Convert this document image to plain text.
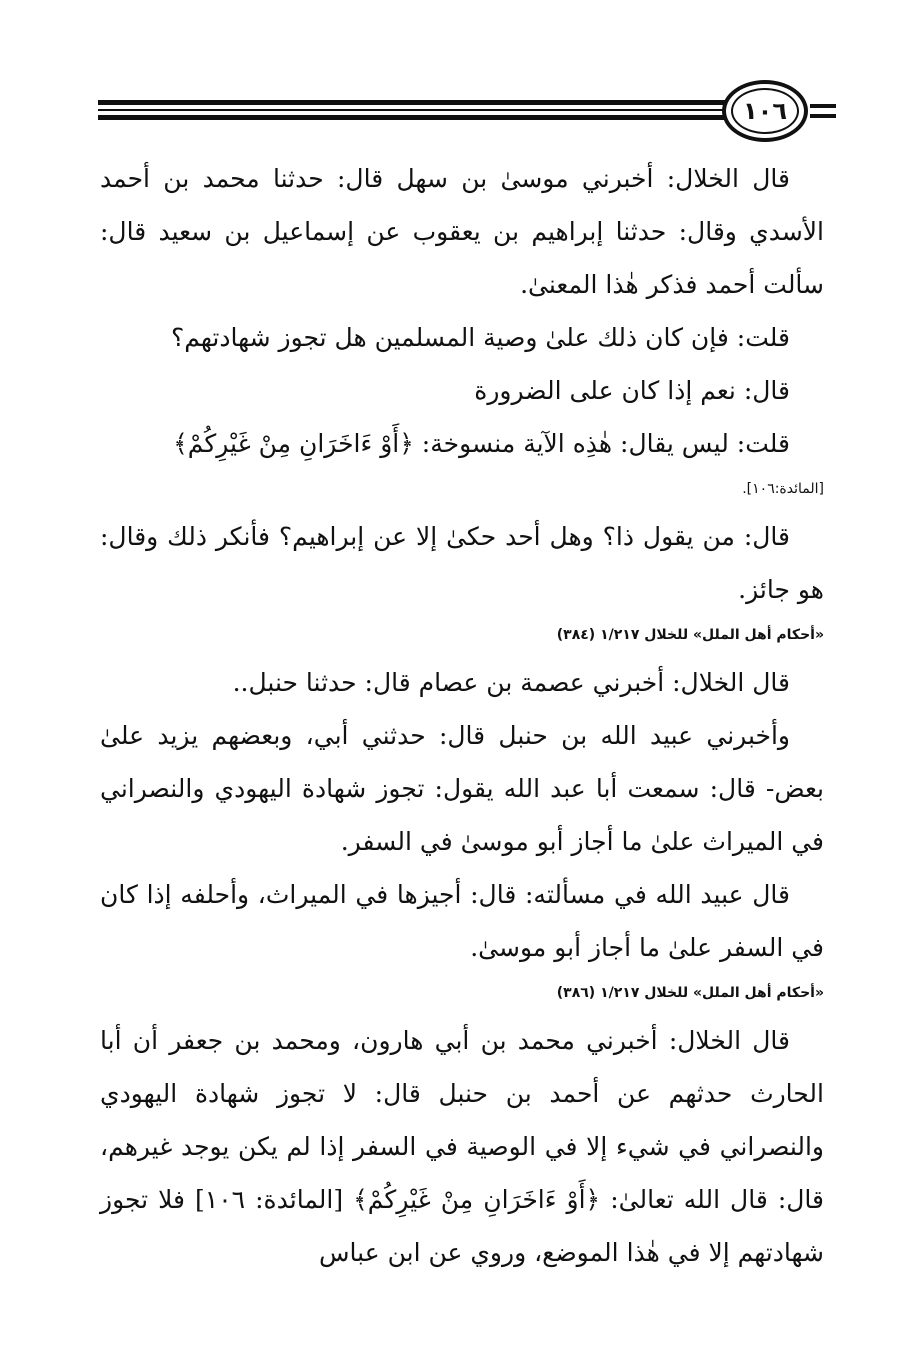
١٠٦

قال الخلال: أخبرني موسىٰ بن سهل قال: حدثنا محمد بن أحمد الأسدي وقال: حدثنا إبراهيم بن يعقوب عن إسماعيل بن سعيد قال: سألت أحمد فذكر هٰذا المعنىٰ.

قلت: فإن كان ذلك علىٰ وصية المسلمين هل تجوز شهادتهم؟

قال: نعم إذا كان على الضرورة

قلت: ليس يقال: هٰذِه الآية منسوخة: ﴿أَوْ ءَاخَرَانِ مِنْ غَيْرِكُمْ﴾

[المائدة:١٠٦].

قال: من يقول ذا؟ وهل أحد حكىٰ إلا عن إبراهيم؟ فأنكر ذلك وقال: هو جائز.

«أحكام أهل الملل» للخلال ١/٢١٧ (٣٨٤)

قال الخلال: أخبرني عصمة بن عصام قال: حدثنا حنبل..

وأخبرني عبيد الله بن حنبل قال: حدثني أبي، وبعضهم يزيد علىٰ بعض- قال: سمعت أبا عبد الله يقول: تجوز شهادة اليهودي والنصراني في الميراث علىٰ ما أجاز أبو موسىٰ في السفر.

قال عبيد الله في مسألته: قال: أجيزها في الميراث، وأحلفه إذا كان في السفر علىٰ ما أجاز أبو موسىٰ.

«أحكام أهل الملل» للخلال ١/٢١٧ (٣٨٦)

قال الخلال: أخبرني محمد بن أبي هارون، ومحمد بن جعفر أن أبا الحارث حدثهم عن أحمد بن حنبل قال: لا تجوز شهادة اليهودي والنصراني في شيء إلا في الوصية في السفر إذا لم يكن يوجد غيرهم، قال: قال الله تعالىٰ: ﴿أَوْ ءَاخَرَانِ مِنْ غَيْرِكُمْ﴾ [المائدة: ١٠٦] فلا تجوز شهادتهم إلا في هٰذا الموضع، وروي عن ابن عباس
